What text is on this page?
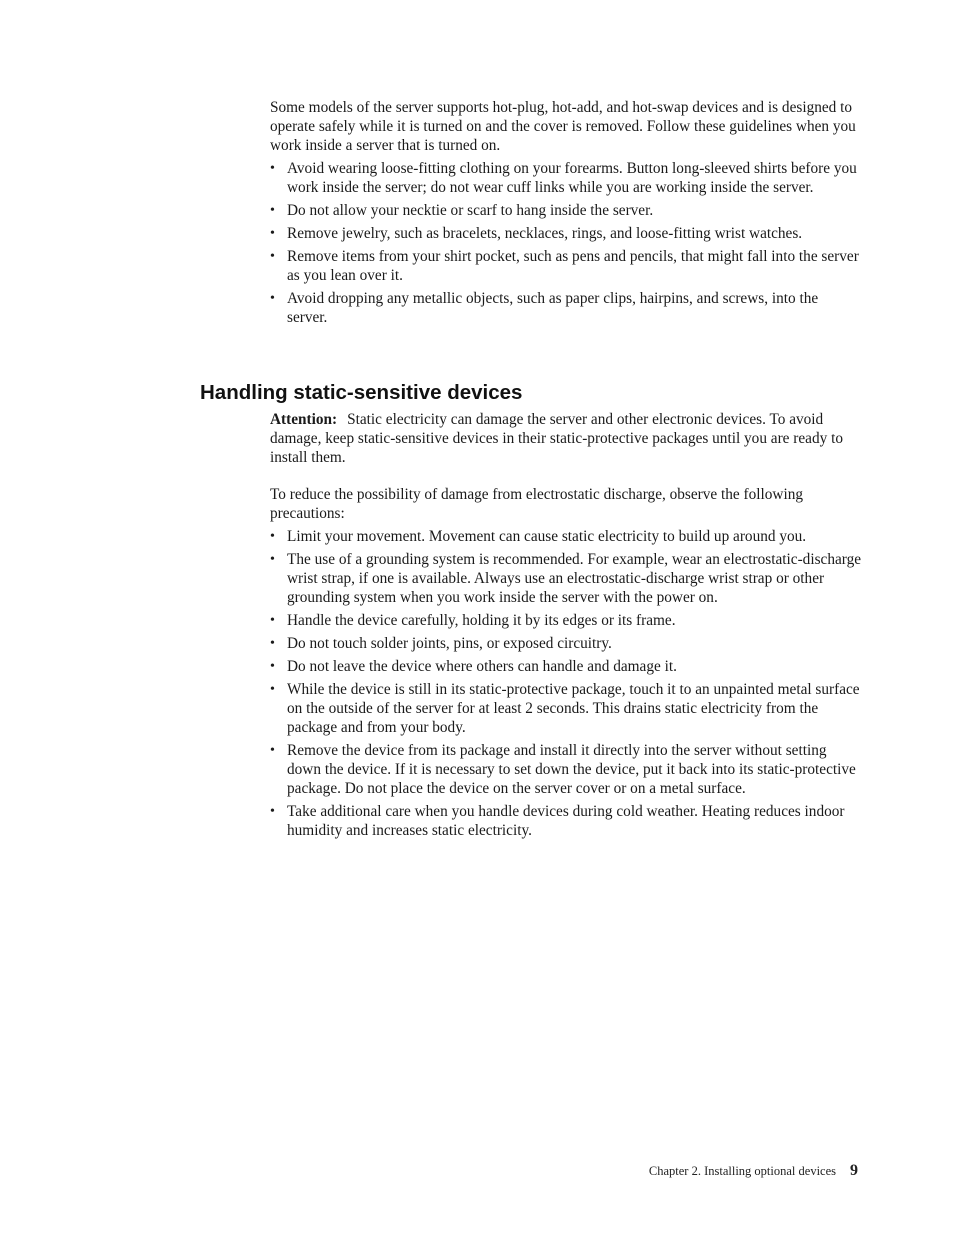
Some models of the server supports hot-plug, hot-add, and hot-swap devices and is designed to operate safely while it is turned on and the cover is removed. Follow these guidelines when you work inside a server that is turned on.

• Avoid wearing loose-fitting clothing on your forearms. Button long-sleeved shirts before you work inside the server; do not wear cuff links while you are working inside the server.
• Do not allow your necktie or scarf to hang inside the server.
• Remove jewelry, such as bracelets, necklaces, rings, and loose-fitting wrist watches.
• Remove items from your shirt pocket, such as pens and pencils, that might fall into the server as you lean over it.
• Avoid dropping any metallic objects, such as paper clips, hairpins, and screws, into the server.
Handling static-sensitive devices

Attention: Static electricity can damage the server and other electronic devices. To avoid damage, keep static-sensitive devices in their static-protective packages until you are ready to install them.

To reduce the possibility of damage from electrostatic discharge, observe the following precautions:

• Limit your movement. Movement can cause static electricity to build up around you.
• The use of a grounding system is recommended. For example, wear an electrostatic-discharge wrist strap, if one is available. Always use an electrostatic-discharge wrist strap or other grounding system when you work inside the server with the power on.
• Handle the device carefully, holding it by its edges or its frame.
• Do not touch solder joints, pins, or exposed circuitry.
• Do not leave the device where others can handle and damage it.
• While the device is still in its static-protective package, touch it to an unpainted metal surface on the outside of the server for at least 2 seconds. This drains static electricity from the package and from your body.
• Remove the device from its package and install it directly into the server without setting down the device. If it is necessary to set down the device, put it back into its static-protective package. Do not place the device on the server cover or on a metal surface.
• Take additional care when you handle devices during cold weather. Heating reduces indoor humidity and increases static electricity.
Chapter 2. Installing optional devices 9
